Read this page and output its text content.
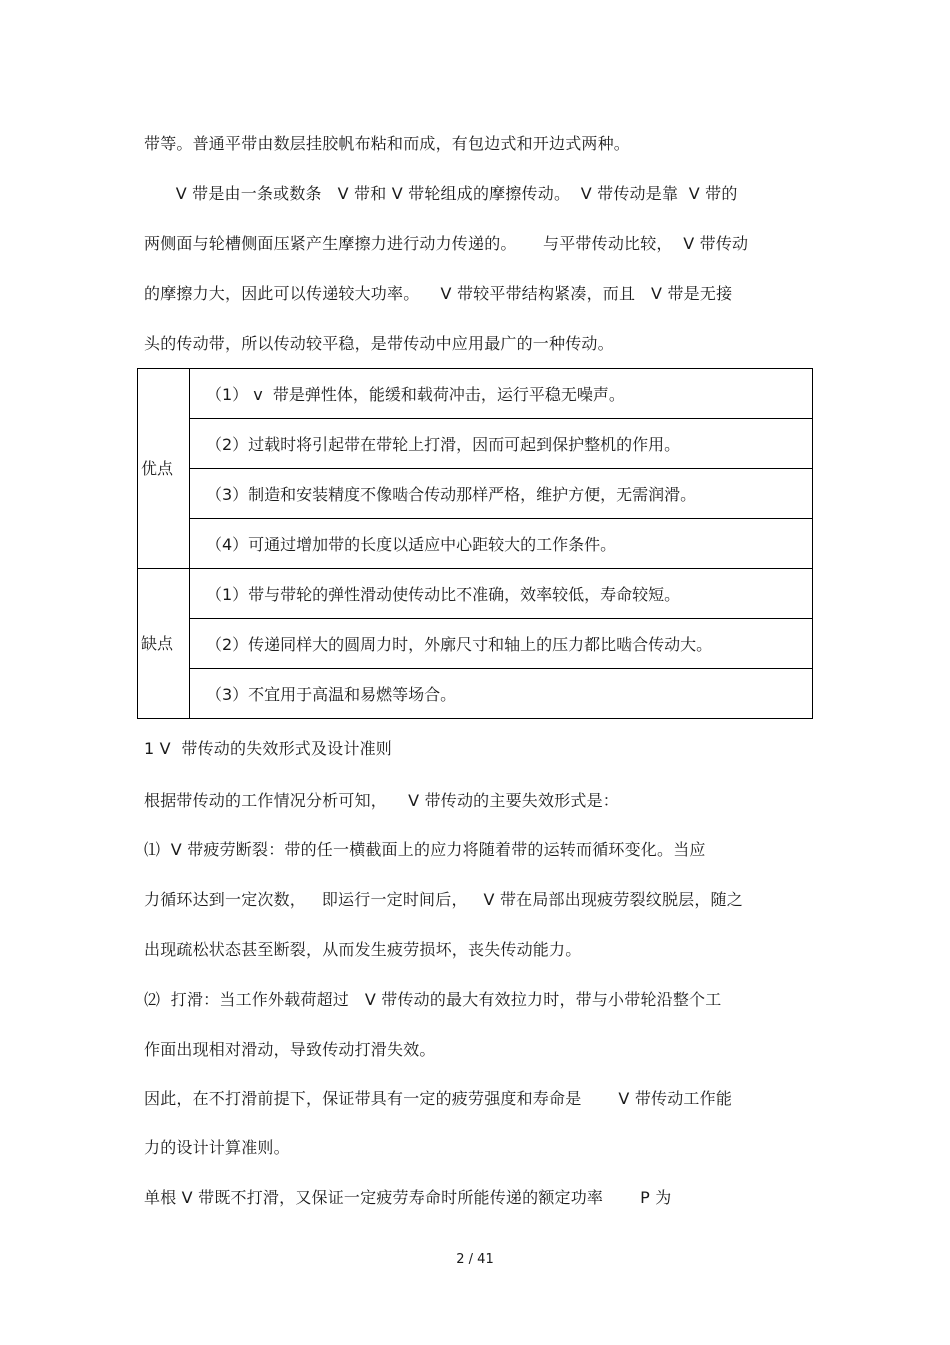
带等。普通平带由数层挂胶帆布粘和而成，有包边式和开边式两种。
V 带是由一条或数条   V 带和 V 带轮组成的摩擦传动。  V 带传动是靠  V 带的
两侧面与轮槽侧面压紧产生摩擦力进行动力传递的。     与平带传动比较，  V 带传动
的摩擦力大，因此可以传递较大功率。    V 带较平带结构紧凑，而且   V 带是无接
头的传动带，所以传动较平稳，是带传动中应用最广的一种传动。
优点	（1） v  带是弹性体，能缓和载荷冲击，运行平稳无噪声。
	（2）过载时将引起带在带轮上打滑，因而可起到保护整机的作用。
	（3）制造和安装精度不像啮合传动那样严格，维护方便，无需润滑。
	（4）可通过增加带的长度以适应中心距较大的工作条件。
缺点	（1）带与带轮的弹性滑动使传动比不准确，效率较低，寿命较短。
	（2）传递同样大的圆周力时，外廓尺寸和轴上的压力都比啮合传动大。
	（3）不宜用于高温和易燃等场合。
1 V  带传动的失效形式及设计准则
根据带传动的工作情况分析可知，    V 带传动的主要失效形式是：
⑴  V 带疲劳断裂：带的任一横截面上的应力将随着带的运转而循环变化。当应
力循环达到一定次数，   即运行一定时间后，   V 带在局部出现疲劳裂纹脱层，随之
出现疏松状态甚至断裂，从而发生疲劳损坏，丧失传动能力。
⑵  打滑：当工作外载荷超过   V 带传动的最大有效拉力时，带与小带轮沿整个工
作面出现相对滑动，导致传动打滑失效。
因此，在不打滑前提下，保证带具有一定的疲劳强度和寿命是       V 带传动工作能
力的设计计算准则。
单根 V 带既不打滑，又保证一定疲劳寿命时所能传递的额定功率       P 为
2 / 41
